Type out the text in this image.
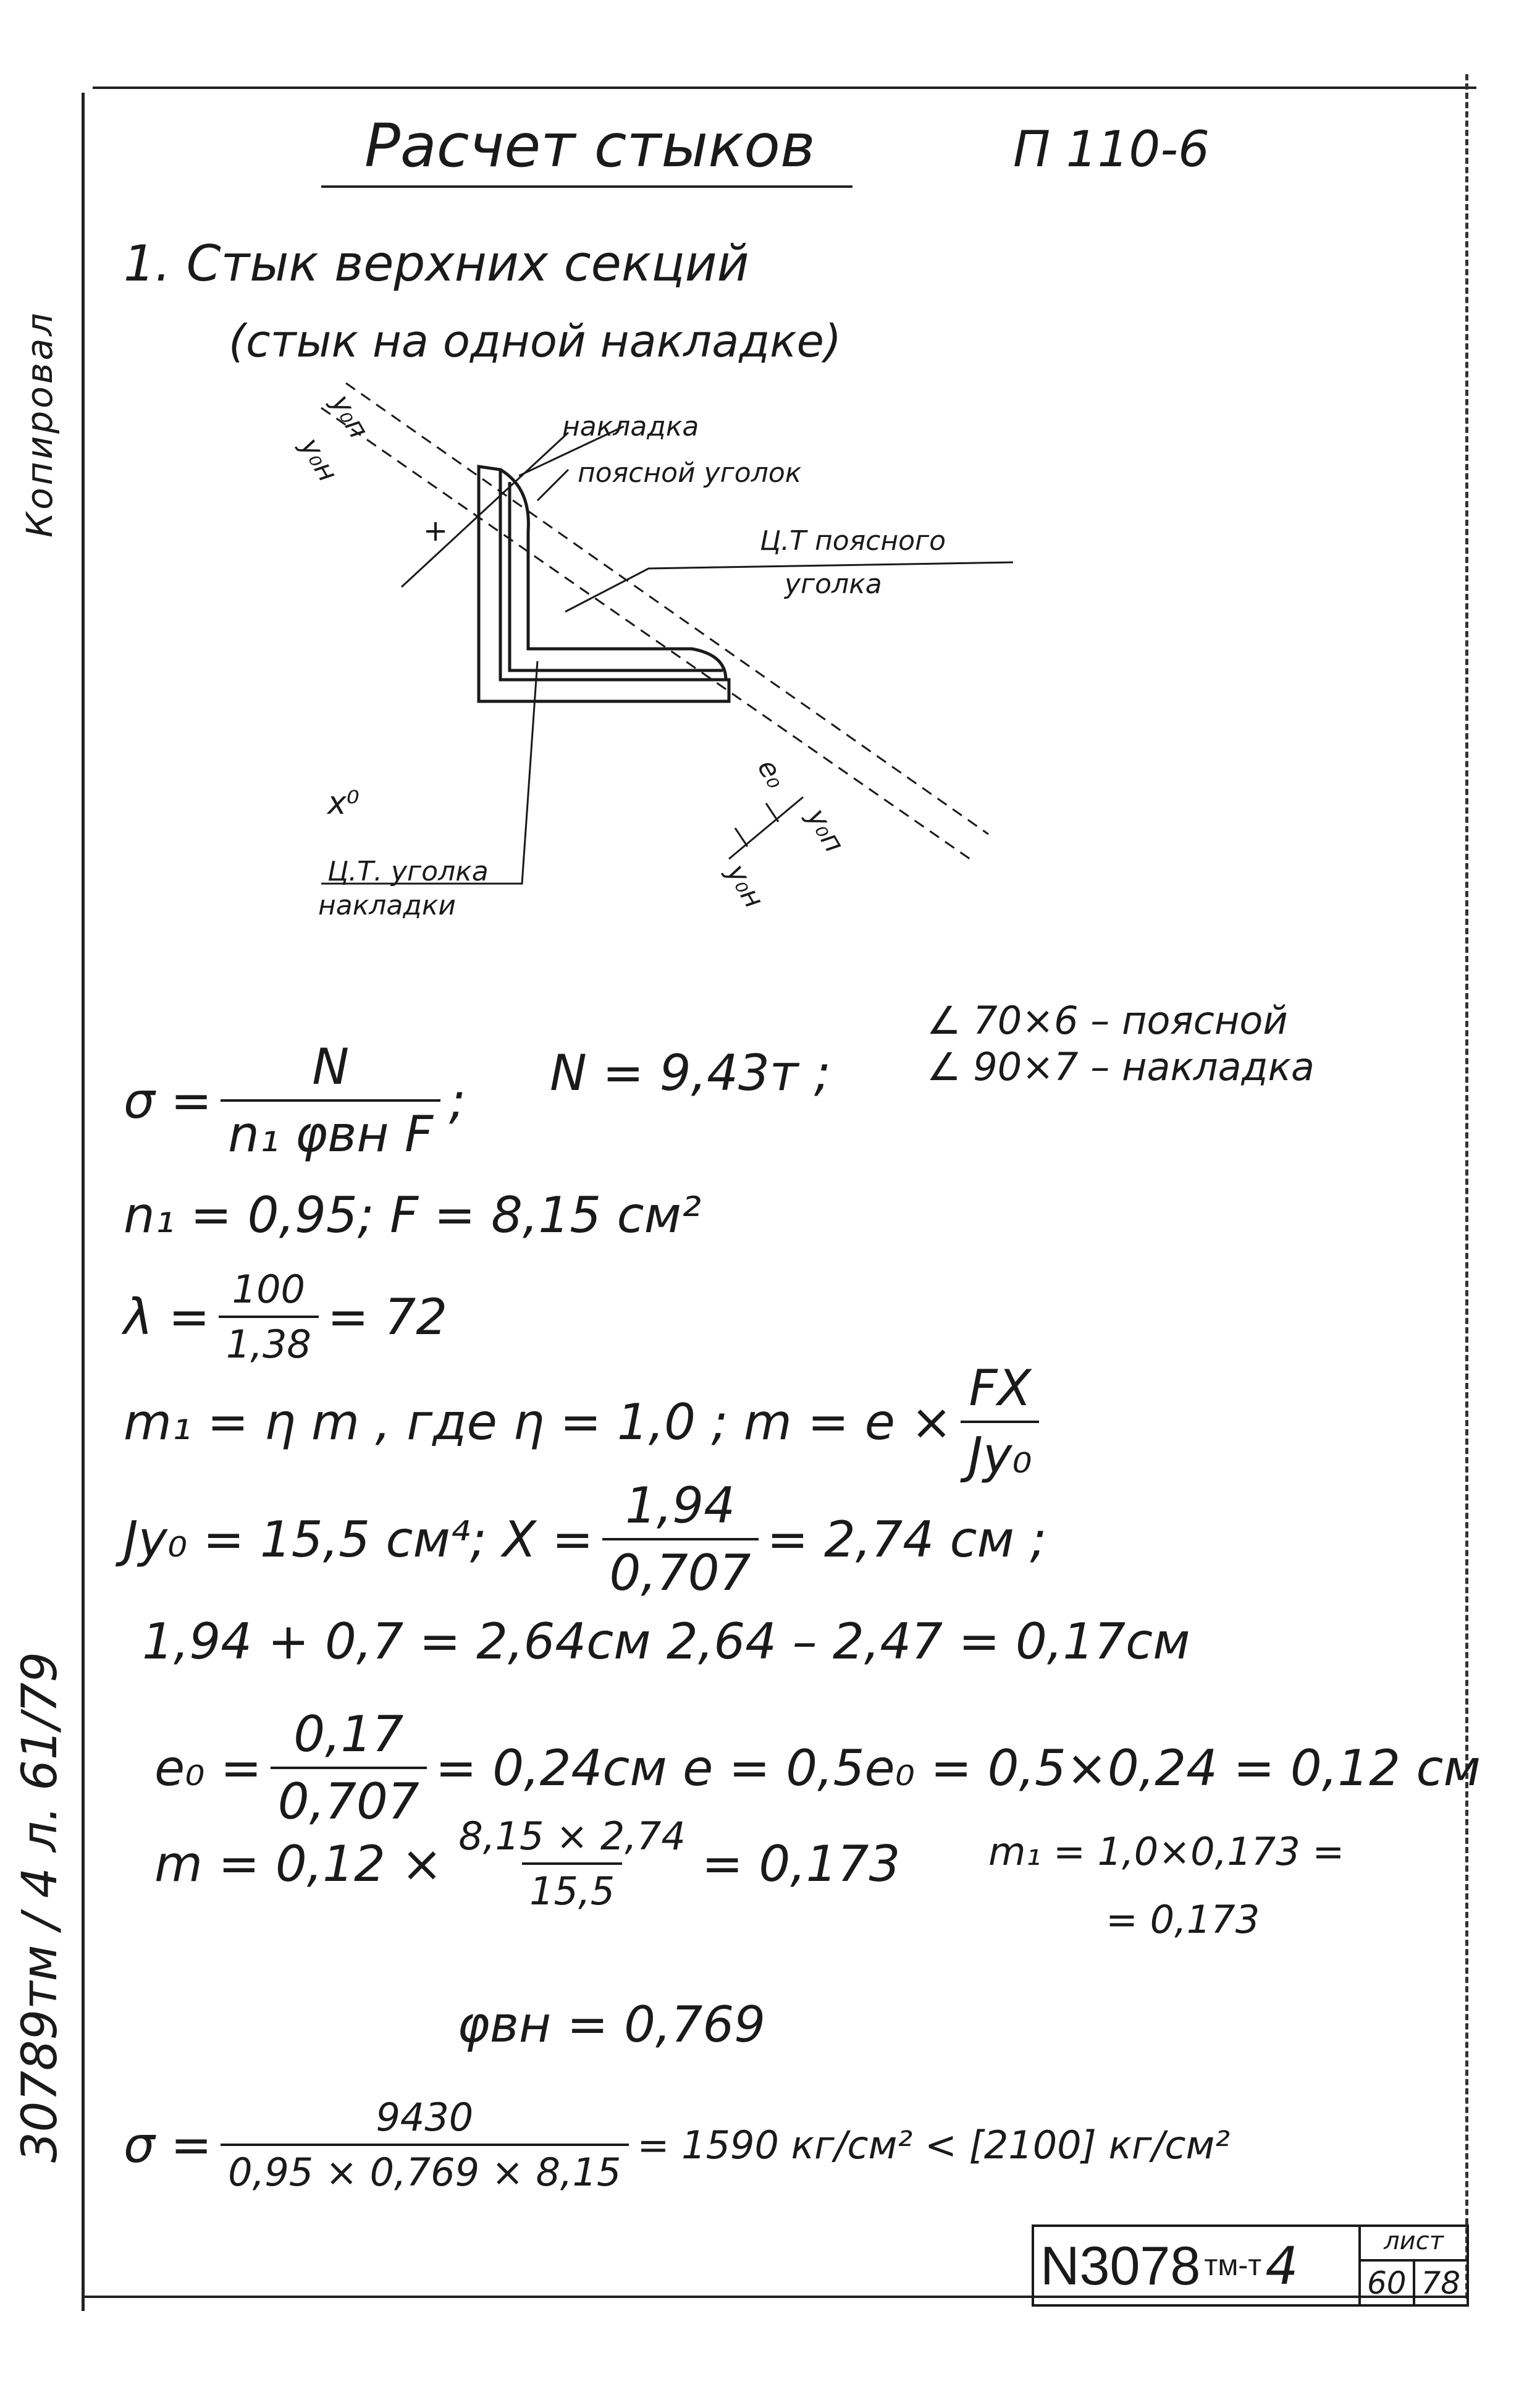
30789тм / 4 л. 61/79
Копировал
Расчет стыков	П 110-6
1. Стык верхних секций
(стык на одной накладке)
y₀п
y₀н
накладка
поясной уголок
Ц.Т поясного
уголка
e₀
y₀п
y₀н
x⁰
Ц.Т. уголка
накладки
$\sigma = \frac{N}{\text{n₁ φвн F}}$ ; N = 9,43т ;
∠ 70×6 – поясной
∠ 90×7 – накладка
n₁ = 0,95; F = 8,15 см²
$\lambda = \frac{100}{1,38} = 72$
m₁ = η m , где η = 1,0 ; $m = e \times \frac{FX}{\text{Jy₀}}$
Jy₀ = 15,5 см⁴; $X = \frac{1,94}{0,707} = 2,74$ см ;
1,94 + 0,7 = 2,64см 2,64 – 2,47 = 0,17см
$e_0 = \frac{0,17}{0,707} = 0,24см$ e = 0,5e₀ = 0,5×0,24 = 0,12 см
$m = 0,12 \times \frac{8,15 \times 2,74}{15,5} = 0,173$ m₁ = 1,0×0,173 =
= 0,173
φвн = 0,769
$\sigma = \frac{9430}{0,95 \times 0,769 \times 8,15} = 1590$ кг/см² < [2100] кг/см²
N3078 тм-т 4	лист
60 78
